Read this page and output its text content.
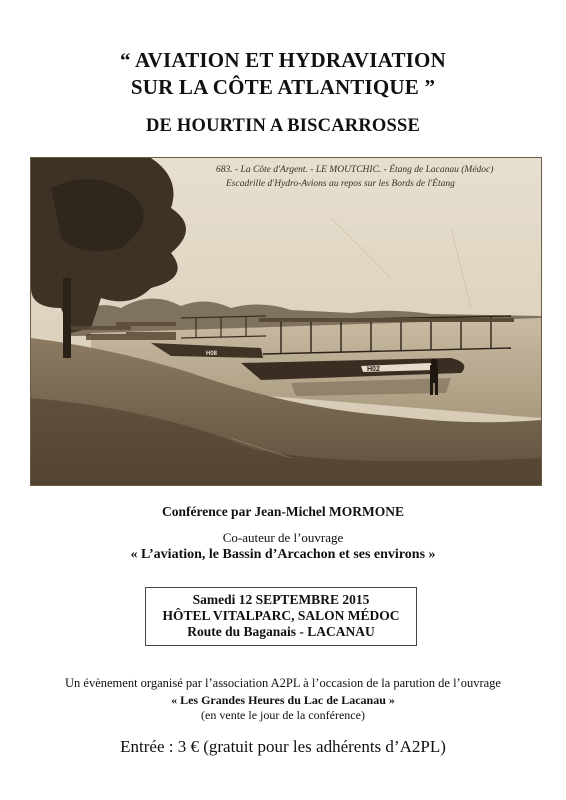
“ AVIATION ET HYDRAVIATION
SUR LA CÔTE ATLANTIQUE ”
DE HOURTIN A BISCARROSSE
H02
H08
683. - La Côte d'Argent. - LE MOUTCHIC. - Étang de Lacanau (Médoc)
Escadrille d'Hydro-Avions au repos sur les Bords de l'Étang
Conférence par Jean-Michel MORMONE
Co-auteur de l’ouvrage
« L’aviation, le Bassin d’Arcachon et ses environs »
Samedi 12 SEPTEMBRE 2015
HÔTEL VITALPARC, SALON MÉDOC
Route du Baganais - LACANAU
Un évènement organisé par l’association A2PL à l’occasion de la parution de l’ouvrage
« Les Grandes Heures du Lac de Lacanau »
(en vente le jour de la conférence)
Entrée : 3 € (gratuit pour les adhérents d’A2PL)
